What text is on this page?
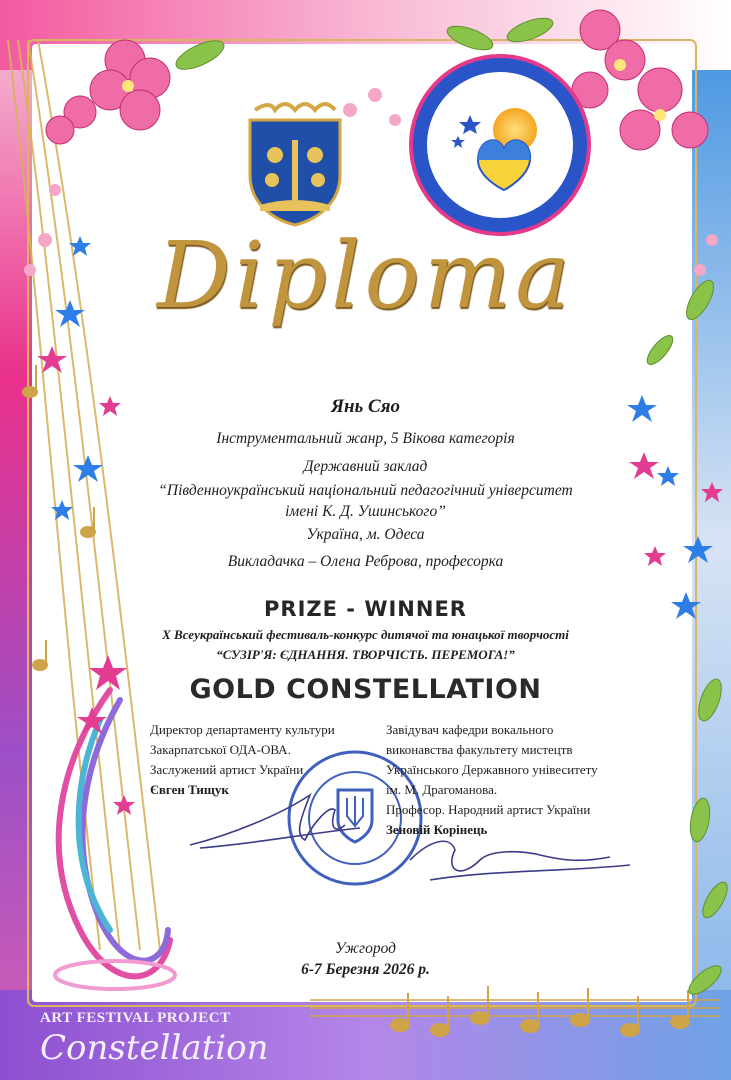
Diploma
Янь Сяо
Інструментальний жанр, 5 Вікова категорія
Державний заклад
“Південноукраїнський національний педагогічний університет
імені К. Д. Ушинського”
Україна, м. Одеса
Викладачка – Олена Реброва, професорка
PRIZE - WINNER
X Всеукраїнський фестиваль-конкурс дитячої та юнацької творчості
“СУЗІР'Я: ЄДНАННЯ. ТВОРЧІСТЬ. ПЕРЕМОГА!”
GOLD CONSTELLATION
Директор департаменту культури
Закарпатської ОДА-ОВА.
Заслужений артист України
Євген Тищук
Завідувач кафедри вокального
виконавства факультету мистецтв
Українського Державного унівеситету
ім. М. Драгоманова.
Професор. Народний артист України
Зеновій Корінець
Ужгород
6-7 Березня 2026 р.
ART FESTIVAL PROJECT
Constellation
